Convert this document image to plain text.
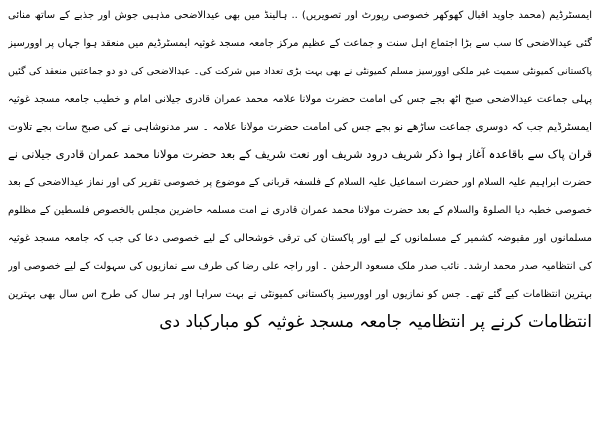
ایمسٹرڈیم (محمد جاوید اقبال کھوکھر خصوصی رپورٹ اور تصویریں) .. ہالینڈ میں بھی عیدالاضحی مذہبی جوش اور جذبے کے ساتھ منائی
گئی عیدالاضحی کا سب سے بڑا اجتماع اہل سنت و جماعت کے عظیم مرکز جامعہ مسجد غوثیہ ایمسٹرڈیم میں منعقد ہوا جہاں پر اوورسیز
پاکستانی کمیونٹی سمیت غیر ملکی اوورسیز مسلم کمیونٹی نے بھی بہت بڑی تعداد میں شرکت کی۔ عیدالاضحی کی دو دو جماعتیں منعقد کی گئیں
پہلی جماعت عیدالاضحی صبح اٹھ بجے جس کی امامت حضرت مولانا علامہ محمد عمران قادری جیلانی امام و خطیب جامعہ مسجد غوثیہ
ایمسٹرڈیم جب کہ دوسری جماعت ساڑھے نو بجے جس کی امامت حضرت مولانا علامہ ۔ سر مدنوشاہی نے کی صبح سات بجے تلاوت
قران پاک سے باقاعدہ آغاز ہوا ذکر شریف درود شریف اور نعت شریف کے بعد حضرت مولانا محمد عمران قادری جیلانی نے
حضرت ابراہیم علیہ السلام اور حضرت اسماعیل علیہ السلام کے فلسفہ قربانی کے موضوع پر خصوصی تقریر کی اور نماز عیدالاضحی کے بعد
خصوصی خطبہ دیا الصلوۃ والسلام کے بعد حضرت مولانا محمد عمران قادری نے امت مسلمہ حاضرین مجلس بالخصوص فلسطین کے مظلوم
مسلمانوں اور مقبوضہ کشمیر کے مسلمانوں کے لیے اور پاکستان کی ترقی خوشحالی کے لیے خصوصی دعا کی جب کہ جامعہ مسجد غوثیہ
کی انتظامیہ صدر محمد ارشد۔ نائب صدر ملک مسعود الرحمٰن ۔ اور راجہ علی رضا کی طرف سے نمازیوں کی سہولت کے لیے خصوصی اور
بہترین انتظامات کیے گئے تھے۔ جس کو نمازیوں اور اوورسیز پاکستانی کمیونٹی نے بہت سراہا اور ہر سال کی طرح اس سال بھی بہترین
انتظامات کرنے پر انتظامیہ جامعہ مسجد غوثیہ کو مبارکباد دی
